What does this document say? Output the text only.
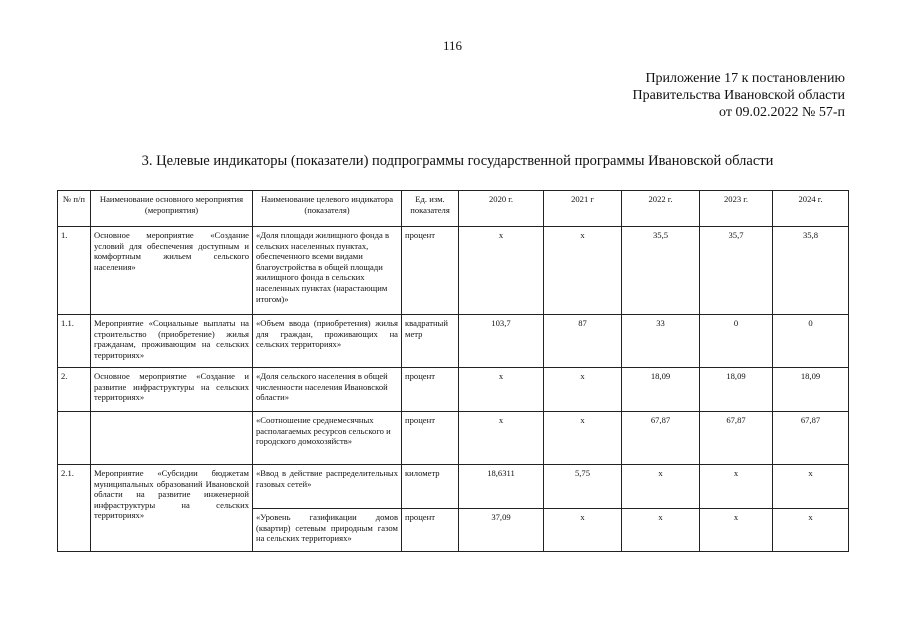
116
Приложение 17 к постановлению
Правительства Ивановской области
от 09.02.2022 № 57-п
3. Целевые индикаторы (показатели) подпрограммы государственной программы Ивановской области
№ п/п	Наименование основного мероприятия (мероприятия)	Наименование целевого индикатора (показателя)	Ед. изм. показателя	2020 г.	2021 г	2022 г.	2023 г.	2024 г.
1.	Основное мероприятие «Создание условий для обеспечения доступным и комфортным жильем сельского населения»	«Доля площади жилищного фонда в сельских населенных пунктах, обеспеченного всеми видами благоустройства в общей площади жилищного фонда в сельских населенных пунктах (нарастающим итогом)»	процент	х	х	35,5	35,7	35,8
1.1.	Мероприятие «Социальные выплаты на строительство (приобретение) жилья гражданам, проживающим на сельских территориях»	«Объем ввода (приобретения) жилья для граждан, проживающих на сельских территориях»	квадратный метр	103,7	87	33	0	0
2.	Основное мероприятие «Создание и развитие инфраструктуры на сельских территориях»	«Доля сельского населения в общей численности населения Ивановской области»	процент	х	х	18,09	18,09	18,09
		«Соотношение среднемесячных располагаемых ресурсов сельского и городского домохозяйств»	процент	х	х	67,87	67,87	67,87
2.1.	Мероприятие «Субсидии бюджетам муниципальных образований Ивановской области на развитие инженерной инфраструктуры на сельских территориях»	«Ввод в действие распределительных газовых сетей»	километр	18,6311	5,75	х	х	х
		«Уровень газификации домов (квартир) сетевым природным газом на сельских территориях»	процент	37,09	х	х	х	х
